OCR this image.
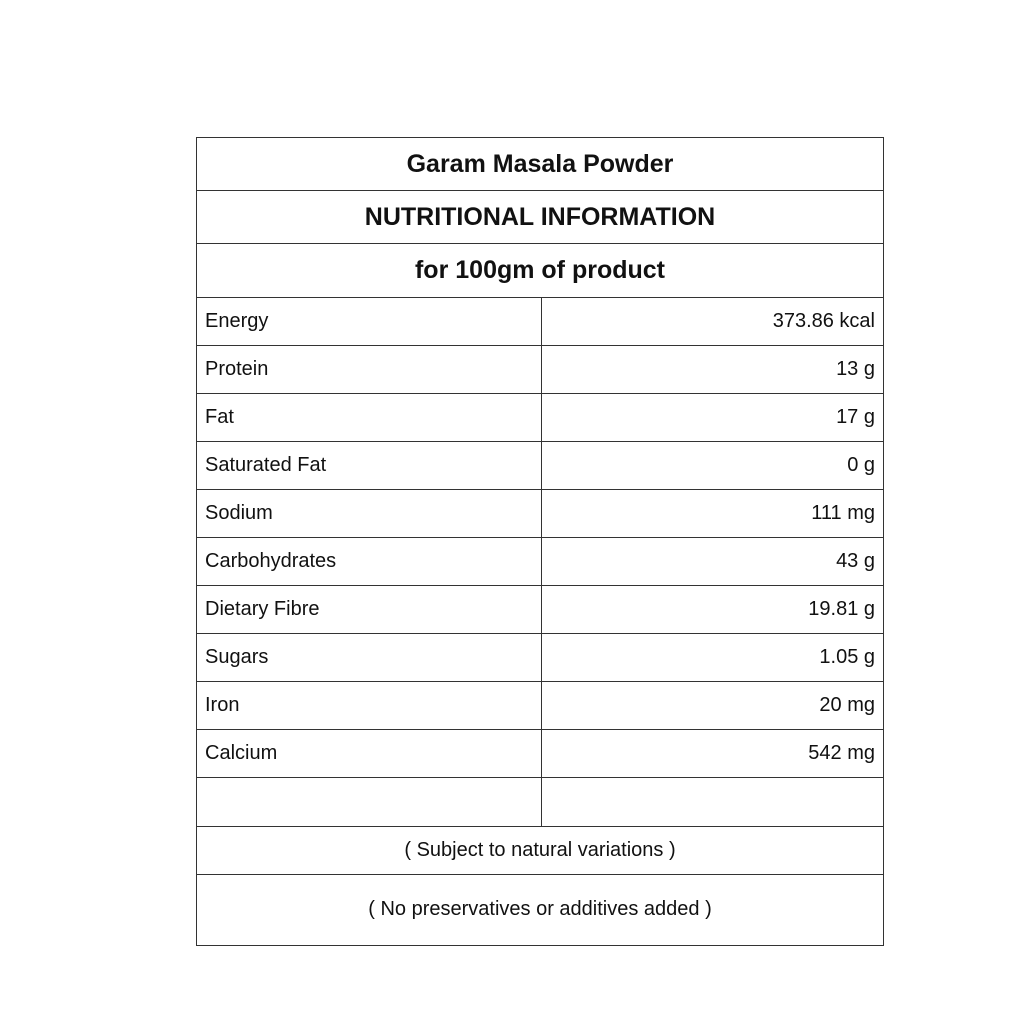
Garam Masala Powder
NUTRITIONAL INFORMATION
for 100gm of product
Energy	373.86 kcal
Protein	13 g
Fat	17 g
Saturated Fat	0 g
Sodium	111 mg
Carbohydrates	43 g
Dietary Fibre	19.81 g
Sugars	1.05 g
Iron	20 mg
Calcium	542 mg

( Subject to natural variations )
( No preservatives or additives added )
